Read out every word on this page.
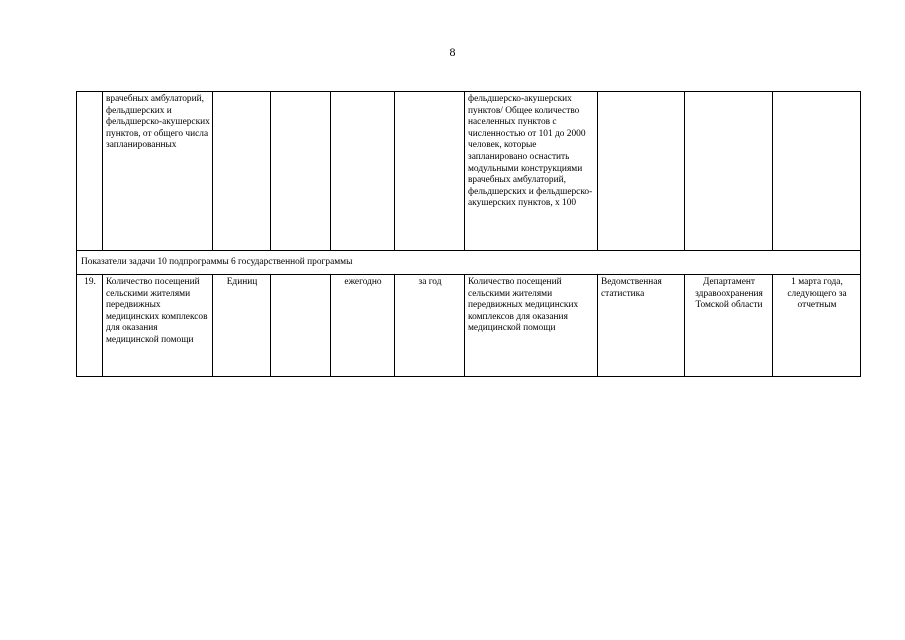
8
	врачебных амбулаторий, фельдшерских и фельдшерско-акушерских пунктов, от общего числа запланированных					фельдшерско-акушерских пунктов/ Общее количество населенных пунктов с численностью от 101 до 2000 человек, которые запланировано оснастить модульными конструкциями врачебных амбулаторий, фельдшерских и фельдшерско-акушерских пунктов, х 100			
Показатели задачи 10 подпрограммы 6 государственной программы									
19.	Количество посещений сельскими жителями передвижных медицинских комплексов для оказания медицинской помощи	Единиц		ежегодно	за год	Количество посещений сельскими жителями передвижных медицинских комплексов для оказания медицинской помощи	Ведомственная статистика	Департамент здравоохранения Томской области	1 марта года, следующего за отчетным
